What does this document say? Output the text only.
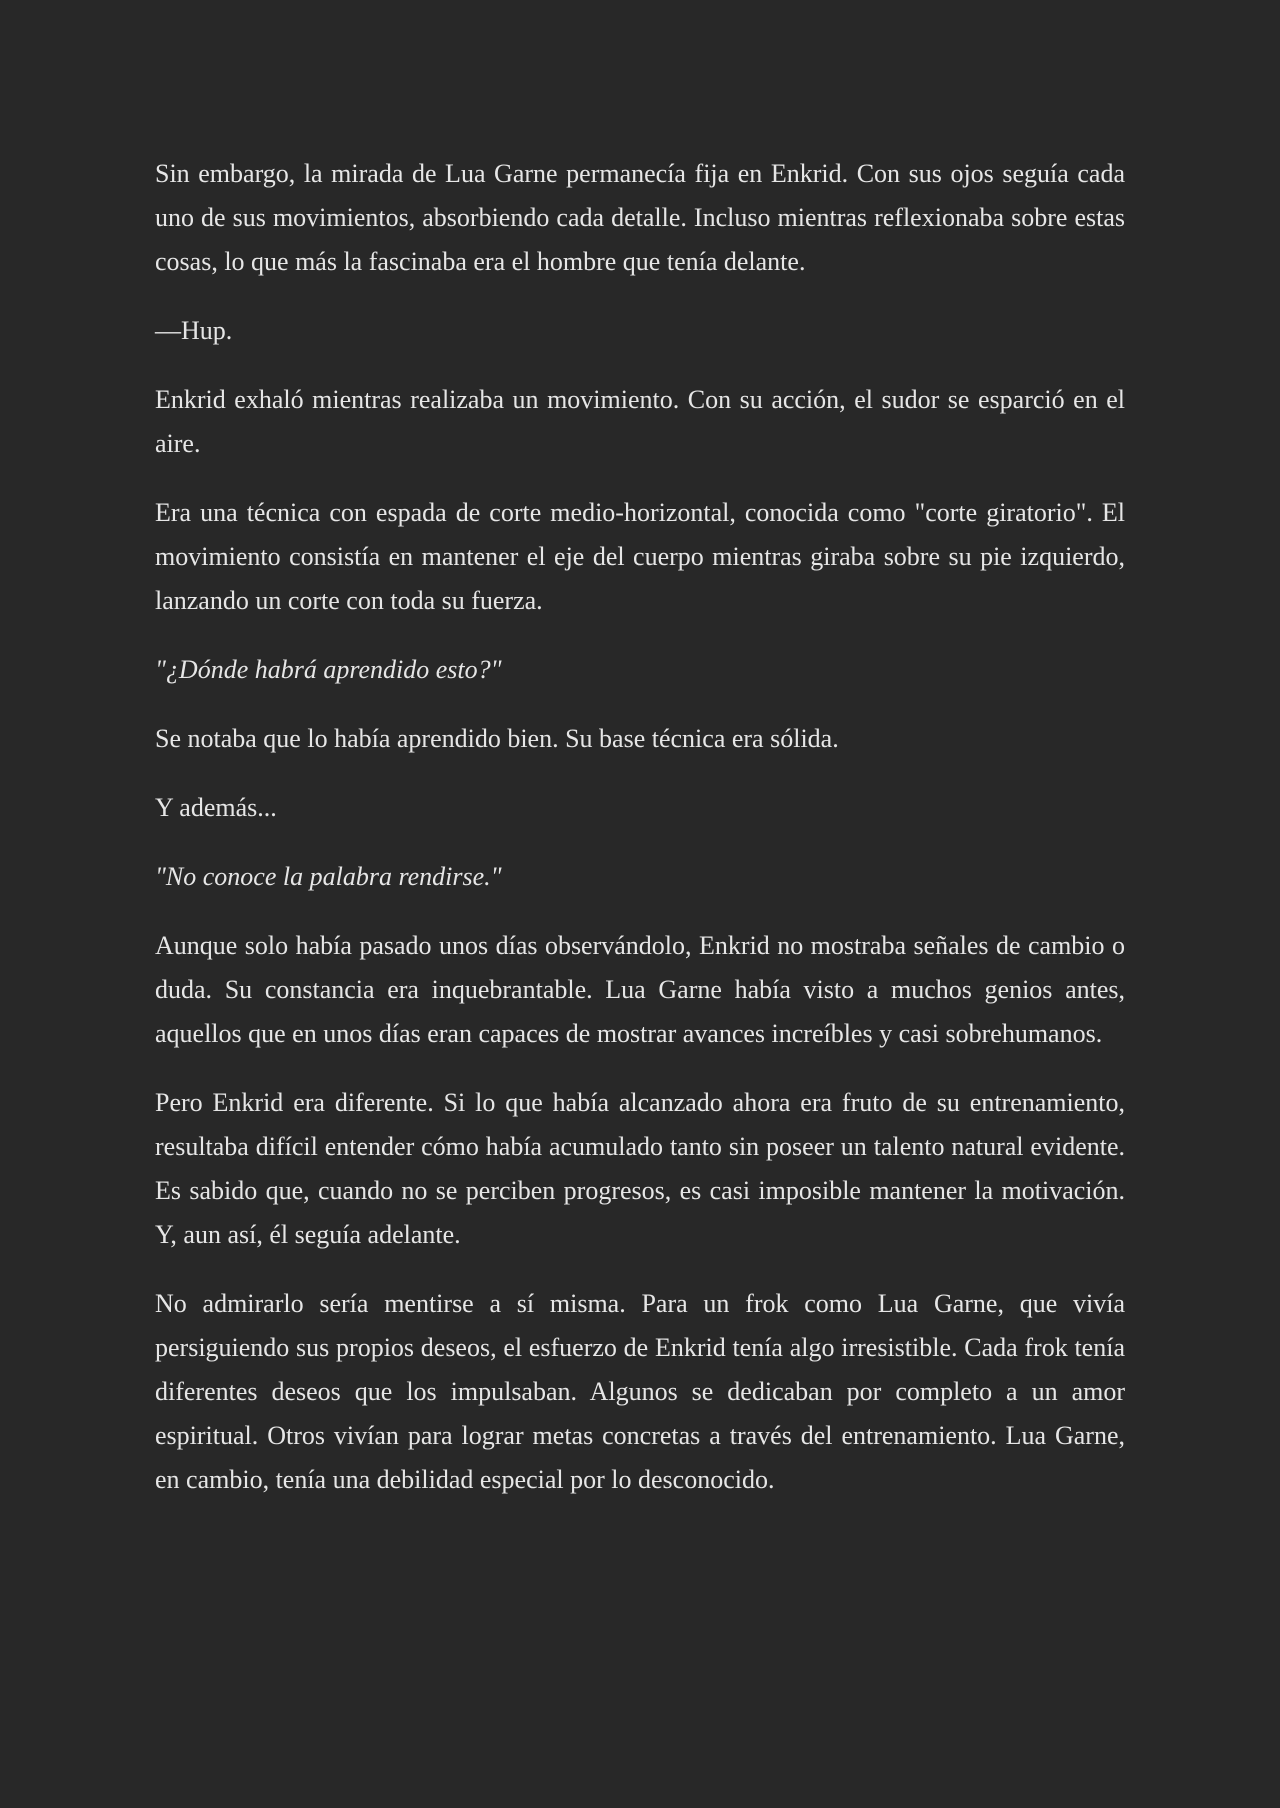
Sin embargo, la mirada de Lua Garne permanecía fija en Enkrid. Con sus ojos seguía cada uno de sus movimientos, absorbiendo cada detalle. Incluso mientras reflexionaba sobre estas cosas, lo que más la fascinaba era el hombre que tenía delante.

—Hup.

Enkrid exhaló mientras realizaba un movimiento. Con su acción, el sudor se esparció en el aire.

Era una técnica con espada de corte medio-horizontal, conocida como "corte giratorio". El movimiento consistía en mantener el eje del cuerpo mientras giraba sobre su pie izquierdo, lanzando un corte con toda su fuerza.

"¿Dónde habrá aprendido esto?"

Se notaba que lo había aprendido bien. Su base técnica era sólida.

Y además...

"No conoce la palabra rendirse."

Aunque solo había pasado unos días observándolo, Enkrid no mostraba señales de cambio o duda. Su constancia era inquebrantable. Lua Garne había visto a muchos genios antes, aquellos que en unos días eran capaces de mostrar avances increíbles y casi sobrehumanos.

Pero Enkrid era diferente. Si lo que había alcanzado ahora era fruto de su entrenamiento, resultaba difícil entender cómo había acumulado tanto sin poseer un talento natural evidente. Es sabido que, cuando no se perciben progresos, es casi imposible mantener la motivación. Y, aun así, él seguía adelante.

No admirarlo sería mentirse a sí misma. Para un frok como Lua Garne, que vivía persiguiendo sus propios deseos, el esfuerzo de Enkrid tenía algo irresistible. Cada frok tenía diferentes deseos que los impulsaban. Algunos se dedicaban por completo a un amor espiritual. Otros vivían para lograr metas concretas a través del entrenamiento. Lua Garne, en cambio, tenía una debilidad especial por lo desconocido.
